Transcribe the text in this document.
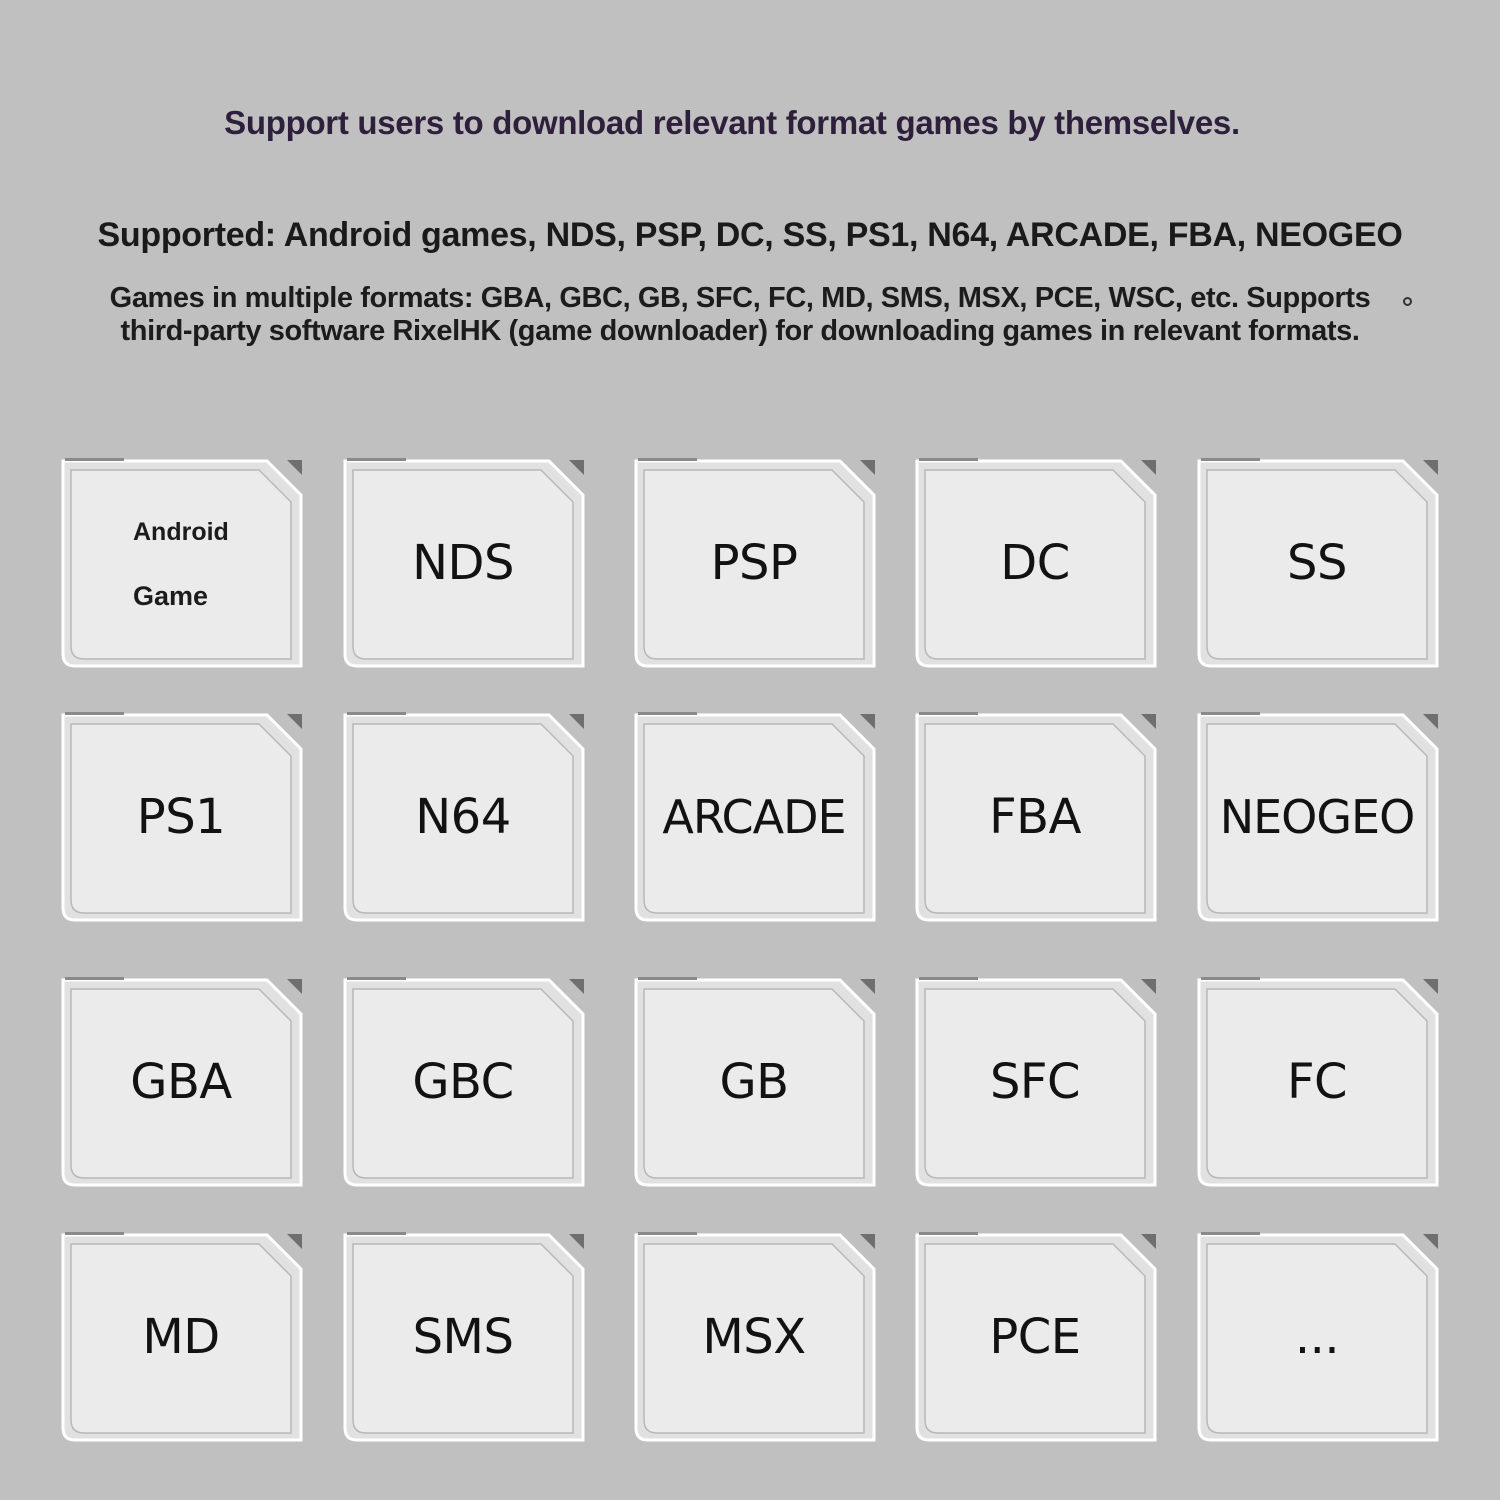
Support users to download relevant format games by themselves.
Supported: Android games, NDS, PSP, DC, SS, PS1, N64, ARCADE, FBA, NEOGEO

Games in multiple formats: GBA, GBC, GB, SFC, FC, MD, SMS, MSX, PCE, WSC, etc. Supports

third-party software RixelHK (game downloader) for downloading games in relevant formats.

Android
Game
NDS	PSP	DC	SS
PS1	N64	ARCADE	FBA	NEOGEO
GBA	GBC	GB	SFC	FC
MD	SMS	MSX	PCE	...
